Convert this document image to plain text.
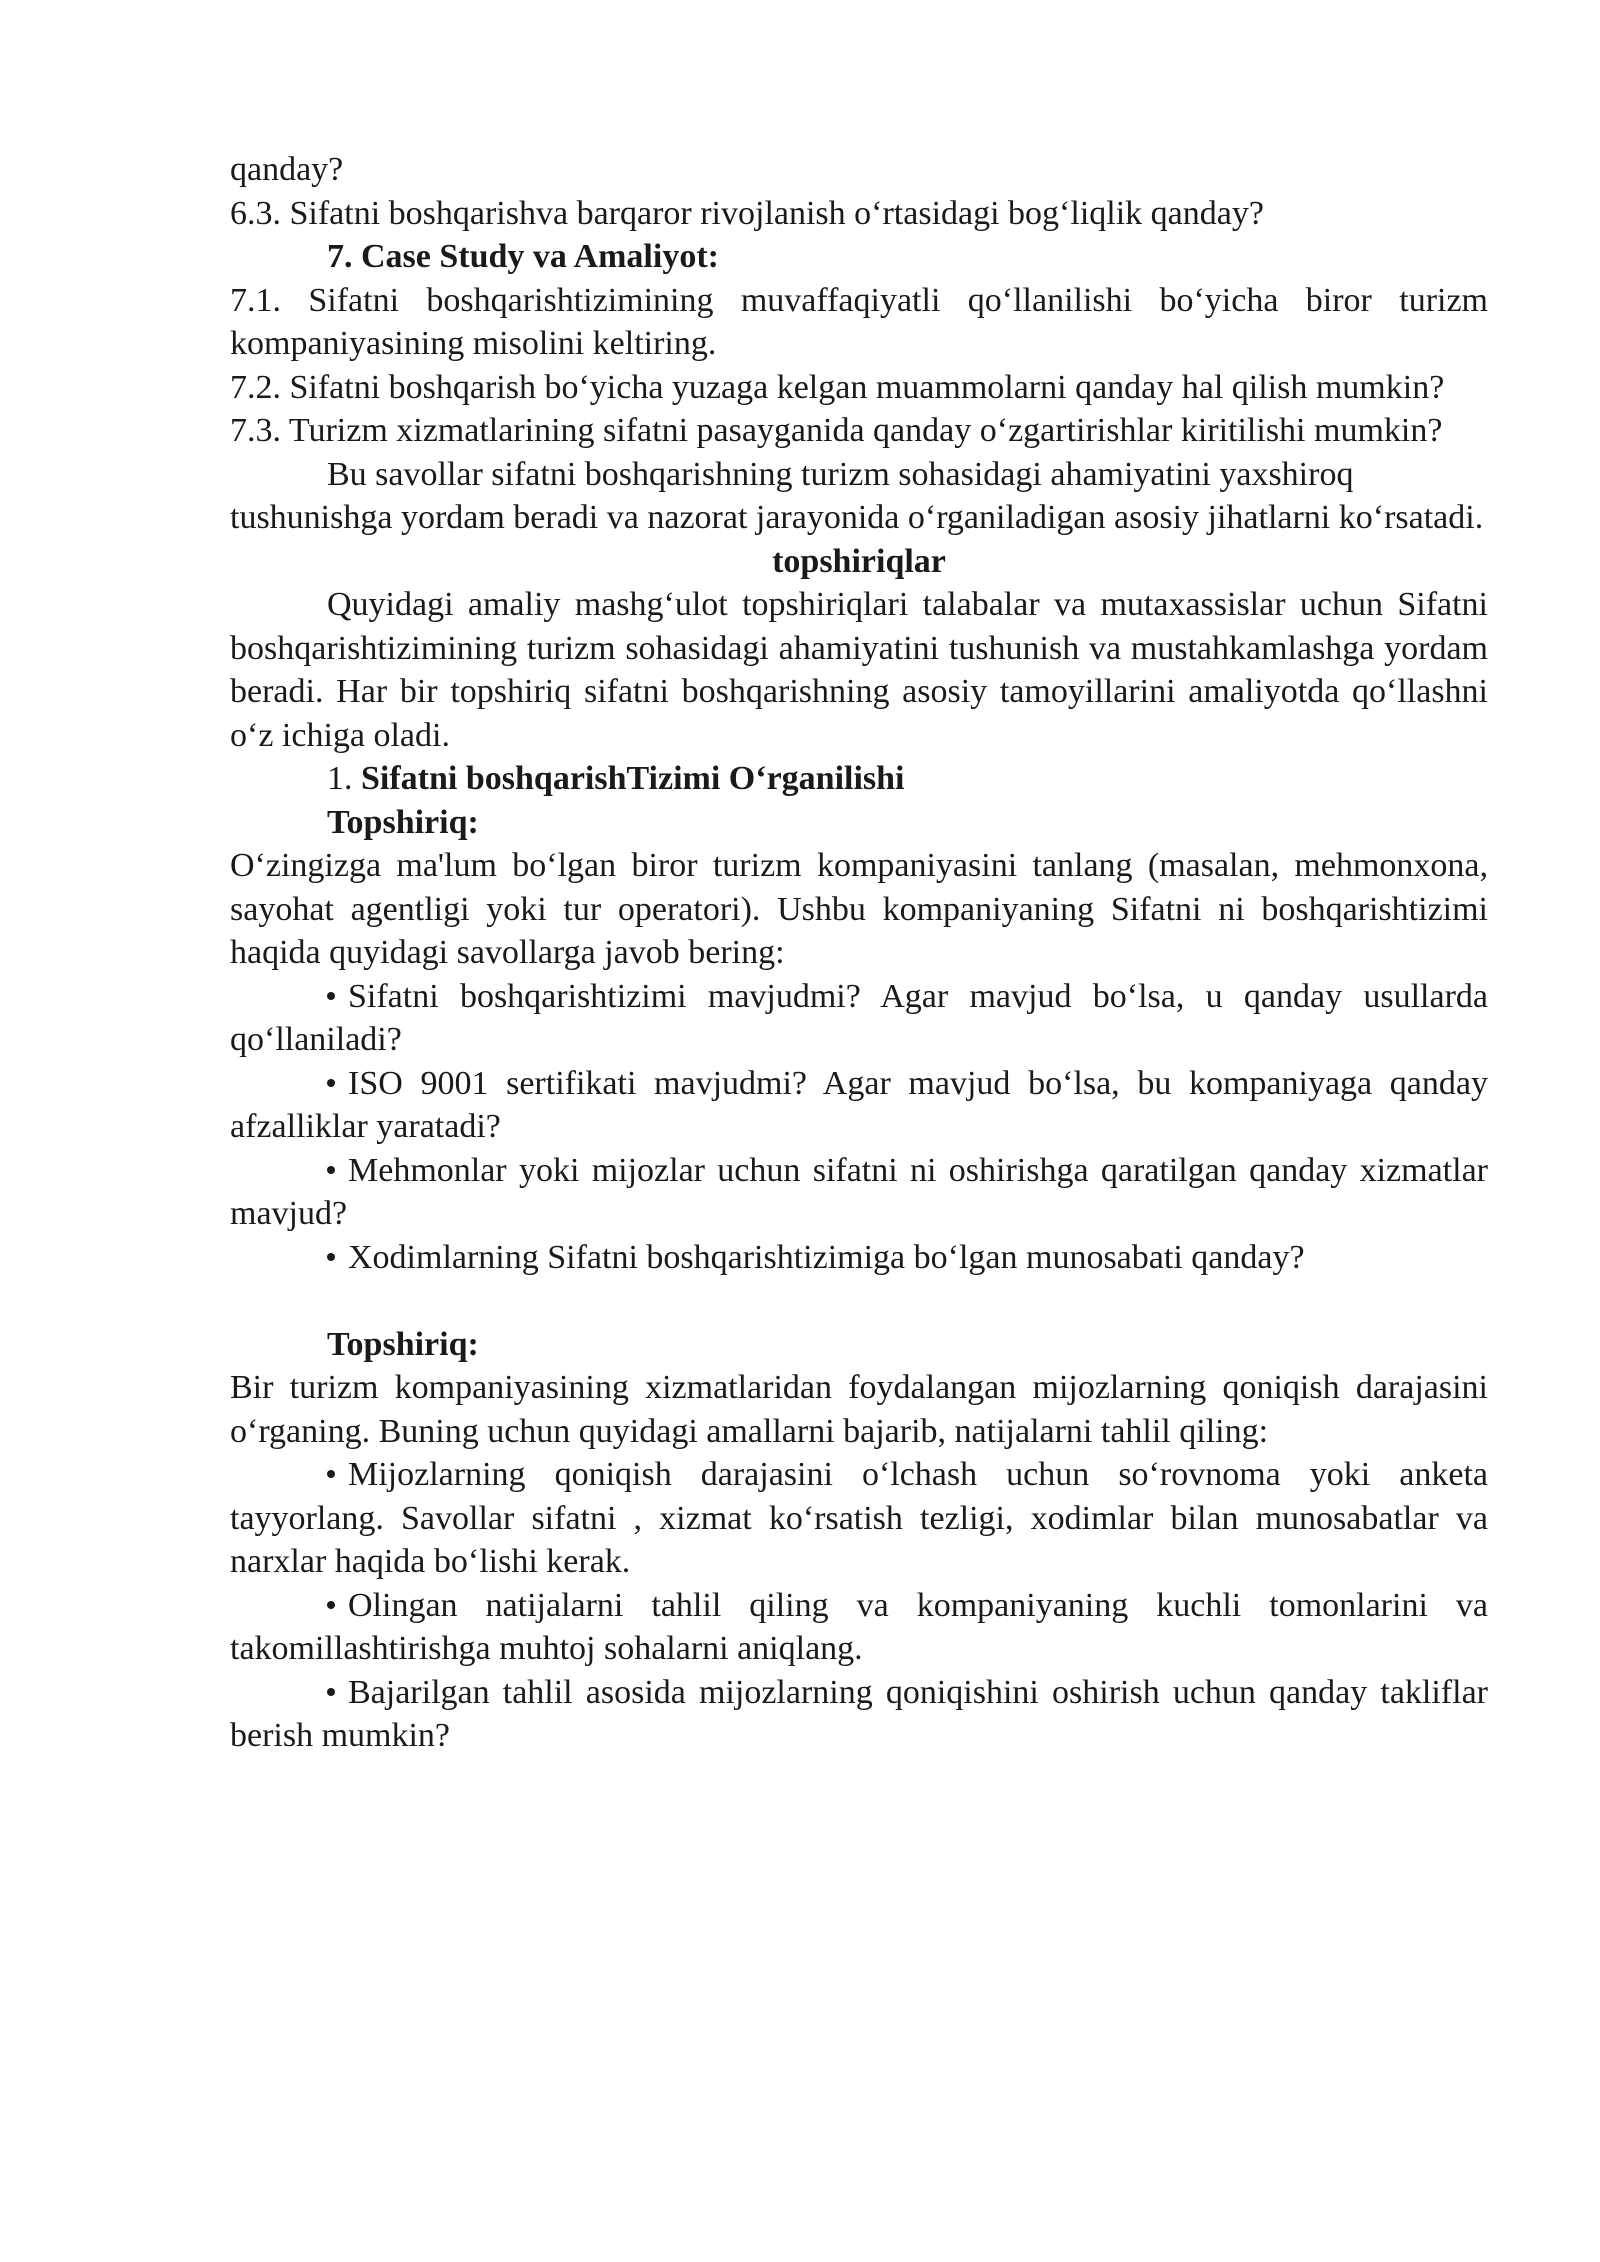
qanday?

6.3. Sifatni boshqarishva barqaror rivojlanish o‘rtasidagi bog‘liqlik qanday?

7. Case Study va Amaliyot:

7.1. Sifatni boshqarishtizimining muvaffaqiyatli qo‘llanilishi bo‘yicha biror turizm kompaniyasining misolini keltiring.

7.2. Sifatni boshqarish bo‘yicha yuzaga kelgan muammolarni qanday hal qilish mumkin?

7.3. Turizm xizmatlarining sifatni pasayganida qanday o‘zgartirishlar kiritilishi mumkin?

Bu savollar sifatni boshqarishning turizm sohasidagi ahamiyatini yaxshiroq tushunishga yordam beradi va nazorat jarayonida o‘rganiladigan asosiy jihatlarni ko‘rsatadi.

topshiriqlar

Quyidagi amaliy mashg‘ulot topshiriqlari talabalar va mutaxassislar uchun Sifatni boshqarishtizimining turizm sohasidagi ahamiyatini tushunish va mustahkamlashga yordam beradi. Har bir topshiriq sifatni boshqarishning asosiy tamoyillarini amaliyotda qo‘llashni o‘z ichiga oladi.

1. Sifatni boshqarishTizimi O‘rganilishi

Topshiriq:

O‘zingizga ma'lum bo‘lgan biror turizm kompaniyasini tanlang (masalan, mehmonxona, sayohat agentligi yoki tur operatori). Ushbu kompaniyaning Sifatni ni boshqarishtizimi haqida quyidagi savollarga javob bering:

Sifatni boshqarishtizimi mavjudmi? Agar mavjud bo‘lsa, u qanday usullarda qo‘llaniladi?

ISO 9001 sertifikati mavjudmi? Agar mavjud bo‘lsa, bu kompaniyaga qanday afzalliklar yaratadi?

Mehmonlar yoki mijozlar uchun sifatni ni oshirishga qaratilgan qanday xizmatlar mavjud?

Xodimlarning Sifatni boshqarishtizimiga bo‘lgan munosabati qanday?

Topshiriq:

Bir turizm kompaniyasining xizmatlaridan foydalangan mijozlarning qoniqish darajasini o‘rganing. Buning uchun quyidagi amallarni bajarib, natijalarni tahlil qiling:

Mijozlarning qoniqish darajasini o‘lchash uchun so‘rovnoma yoki anketa tayyorlang. Savollar sifatni , xizmat ko‘rsatish tezligi, xodimlar bilan munosabatlar va narxlar haqida bo‘lishi kerak.

Olingan natijalarni tahlil qiling va kompaniyaning kuchli tomonlarini va takomillashtirishga muhtoj sohalarni aniqlang.

Bajarilgan tahlil asosida mijozlarning qoniqishini oshirish uchun qanday takliflar berish mumkin?
